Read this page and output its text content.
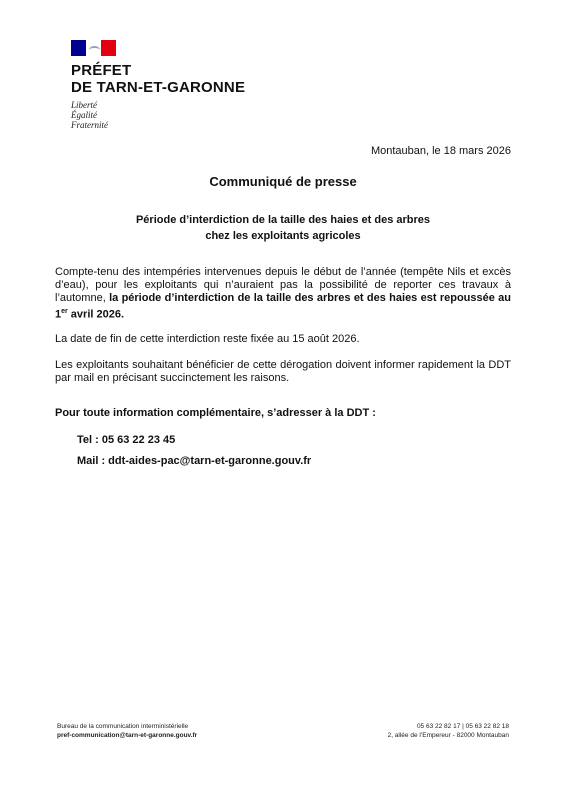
PRÉFET
DE TARN-ET-GARONNE
Liberté
Égalité
Fraternité
Montauban, le 18 mars 2026
Communiqué de presse
Période d’interdiction de la taille des haies et des arbres
chez les exploitants agricoles
Compte-tenu des intempéries intervenues depuis le début de l’année (tempête Nils et excès d’eau), pour les exploitants qui n’auraient pas la possibilité de reporter ces travaux à l’automne, la période d’interdiction de la taille des arbres et des haies est repoussée au 1er avril 2026.
La date de fin de cette interdiction reste fixée au 15 août 2026.
Les exploitants souhaitant bénéficier de cette dérogation doivent informer rapidement la DDT par mail en précisant succinctement les raisons.
Pour toute information complémentaire, s’adresser à la DDT :
Tel : 05 63 22 23 45
Mail : ddt-aides-pac@tarn-et-garonne.gouv.fr
Bureau de la communication interministérielle
pref-communication@tarn-et-garonne.gouv.fr
05 63 22 82 17 | 05 63 22 82 18
2, allée de l’Empereur - 82000 Montauban
